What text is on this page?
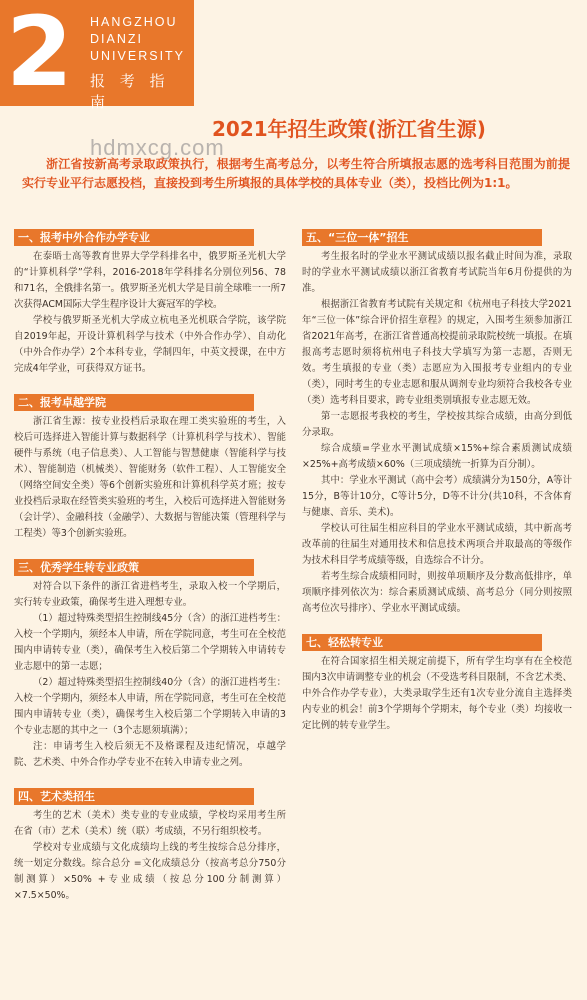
2 HANGZHOU
DIANZI
UNIVERSITY
报 考 指 南
2021年招生政策(浙江省生源)
hdmxcg.com
浙江省按新高考录取政策执行，根据考生高考总分，以考生符合所填报志愿的选考科目范围为前提实行专业平行志愿投档，直接投到考生所填报的具体学校的具体专业（类），投档比例为1:1。
一、报考中外合作办学专业
在泰晤士高等教育世界大学学科排名中，俄罗斯圣光机大学的“计算机科学”学科，2016-2018年学科排名分别位列56、78和71名，全俄排名第一。俄罗斯圣光机大学是目前全球唯一一所7次获得ACM国际大学生程序设计大赛冠军的学校。
学校与俄罗斯圣光机大学成立杭电圣光机联合学院，该学院自2019年起，开设计算机科学与技术（中外合作办学）、自动化（中外合作办学）2个本科专业，学制四年，中英文授课，在中方完成4年学业，可获得双方证书。
二、报考卓越学院
浙江省生源：按专业投档后录取在理工类实验班的考生，入校后可选择进入智能计算与数据科学（计算机科学与技术）、智能硬件与系统（电子信息类）、人工智能与智慧健康（智能科学与技术）、智能制造（机械类）、智能财务（软件工程）、人工智能安全（网络空间安全类）等6个创新实验班和计算机科学英才班；按专业投档后录取在经管类实验班的考生，入校后可选择进入智能财务（会计学）、金融科技（金融学）、大数据与智能决策（管理科学与工程类）等3个创新实验班。
三、优秀学生转专业政策
对符合以下条件的浙江省进档考生，录取入校一个学期后，实行转专业政策，确保考生进入理想专业。
（1）超过特殊类型招生控制线45分（含）的浙江进档考生：入校一个学期内，须经本人申请，所在学院同意，考生可在全校范围内申请转专业（类），确保考生入校后第二个学期转入申请转专业志愿中的第一志愿；
（2）超过特殊类型招生控制线40分（含）的浙江进档考生：入校一个学期内，须经本人申请，所在学院同意，考生可在全校范围内申请转专业（类），确保考生入校后第二个学期转入申请的3个专业志愿的其中之一（3个志愿须填满）；
注：申请考生入校后须无不及格课程及违纪情况，卓越学院、艺术类、中外合作办学专业不在转入申请专业之列。
四、艺术类招生
考生的艺术（美术）类专业的专业成绩，学校均采用考生所在省（市）艺术（美术）统（联）考成绩，不另行组织校考。
学校对专业成绩与文化成绩均上线的考生按综合总分排序，统一划定分数线。综合总分 =文化成绩总分（按高考总分750分制测算）×50% +专业成绩（按总分100分制测算）×7.5×50%。
五、“三位一体”招生
考生报名时的学业水平测试成绩以报名截止时间为准，录取时的学业水平测试成绩以浙江省教育考试院当年6月份提供的为准。
根据浙江省教育考试院有关规定和《杭州电子科技大学2021年“三位一体”综合评价招生章程》的规定，入围考生须参加浙江省2021年高考，在浙江省普通高校提前录取院校统一填报。在填报高考志愿时须将杭州电子科技大学填写为第一志愿，否则无效。考生填报的专业（类）志愿应为入围报考专业组内的专业（类），同时考生的专业志愿和服从调剂专业均须符合我校各专业（类）选考科目要求，跨专业组类别填报专业志愿无效。
第一志愿报考我校的考生，学校按其综合成绩，由高分到低分录取。
综合成绩=学业水平测试成绩×15%+综合素质测试成绩×25%+高考成绩×60%（三项成绩统一折算为百分制）。
其中：学业水平测试（高中会考）成绩满分为150分，A等计15分，B等计10分，C等计5分，D等不计分(共10科，不含体育与健康、音乐、美术)。
学校认可往届生相应科目的学业水平测试成绩，其中新高考改革前的往届生对通用技术和信息技术两项合并取最高的等级作为技术科目学考成绩等级，自选综合不计分。
若考生综合成绩相同时，则按单项顺序及分数高低排序，单项顺序排列依次为：综合素质测试成绩、高考总分（同分则按照高考位次号排序）、学业水平测试成绩。
七、轻松转专业
在符合国家招生相关规定前提下，所有学生均享有在全校范围内3次申请调整专业的机会（不受选考科目限制，不含艺术类、中外合作办学专业），大类录取学生还有1次专业分流自主选择类内专业的机会！前3个学期每个学期末，每个专业（类）均接收一定比例的转专业学生。
